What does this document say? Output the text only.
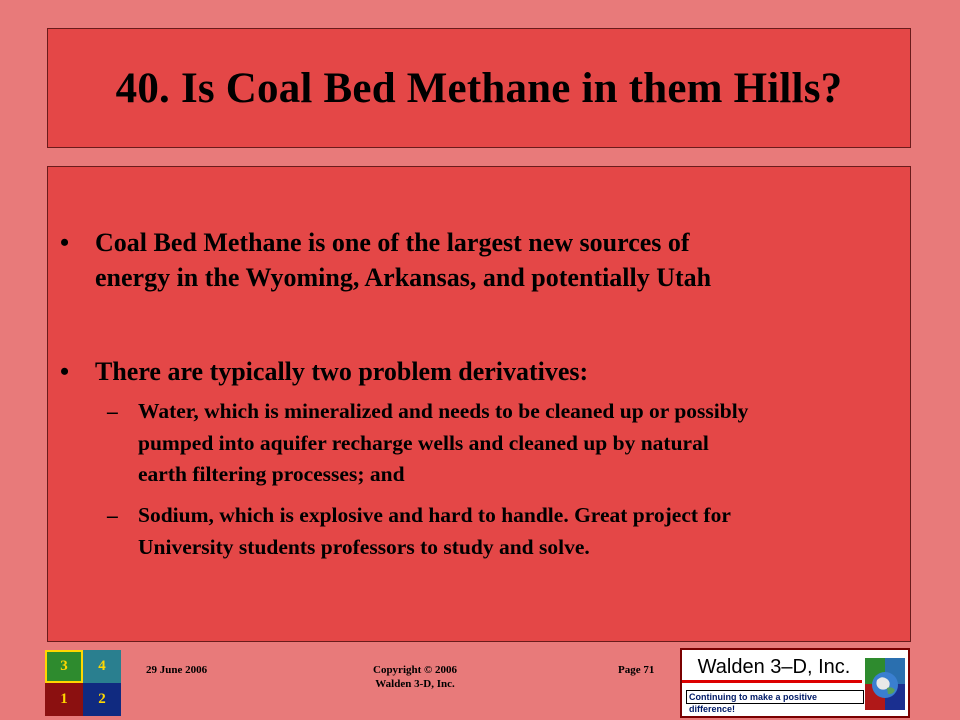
40. Is Coal Bed Methane in them Hills?
• Coal Bed Methane is one of the largest new sources of
energy in the Wyoming, Arkansas, and potentially Utah
• There are typically two problem derivatives:
– Water, which is mineralized and needs to be cleaned up or possibly
pumped into aquifer recharge wells and cleaned up by natural
earth filtering processes; and
– Sodium, which is explosive and hard to handle. Great project for
University students professors to study and solve.
3	4
1	2
29 June 2006	Copyright © 2006
Walden 3-D, Inc.
Page 71	Walden 3–D, Inc.
Continuing to make a positive difference!
